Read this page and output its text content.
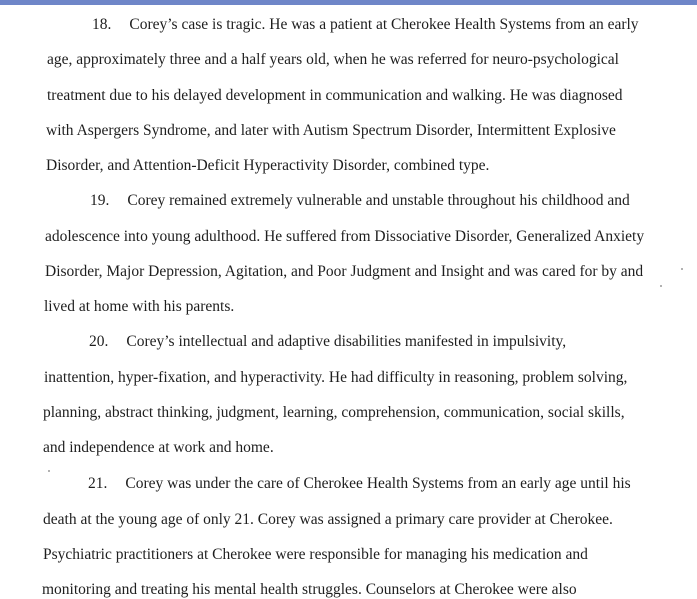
18. Corey’s case is tragic. He was a patient at Cherokee Health Systems from an early
age, approximately three and a half years old, when he was referred for neuro-psychological
treatment due to his delayed development in communication and walking. He was diagnosed
with Aspergers Syndrome, and later with Autism Spectrum Disorder, Intermittent Explosive
Disorder, and Attention-Deficit Hyperactivity Disorder, combined type.
19. Corey remained extremely vulnerable and unstable throughout his childhood and
adolescence into young adulthood. He suffered from Dissociative Disorder, Generalized Anxiety
Disorder, Major Depression, Agitation, and Poor Judgment and Insight and was cared for by and
lived at home with his parents.
20. Corey’s intellectual and adaptive disabilities manifested in impulsivity,
inattention, hyper-fixation, and hyperactivity. He had difficulty in reasoning, problem solving,
planning, abstract thinking, judgment, learning, comprehension, communication, social skills,
and independence at work and home.
21. Corey was under the care of Cherokee Health Systems from an early age until his
death at the young age of only 21. Corey was assigned a primary care provider at Cherokee.
Psychiatric practitioners at Cherokee were responsible for managing his medication and
monitoring and treating his mental health struggles. Counselors at Cherokee were also
